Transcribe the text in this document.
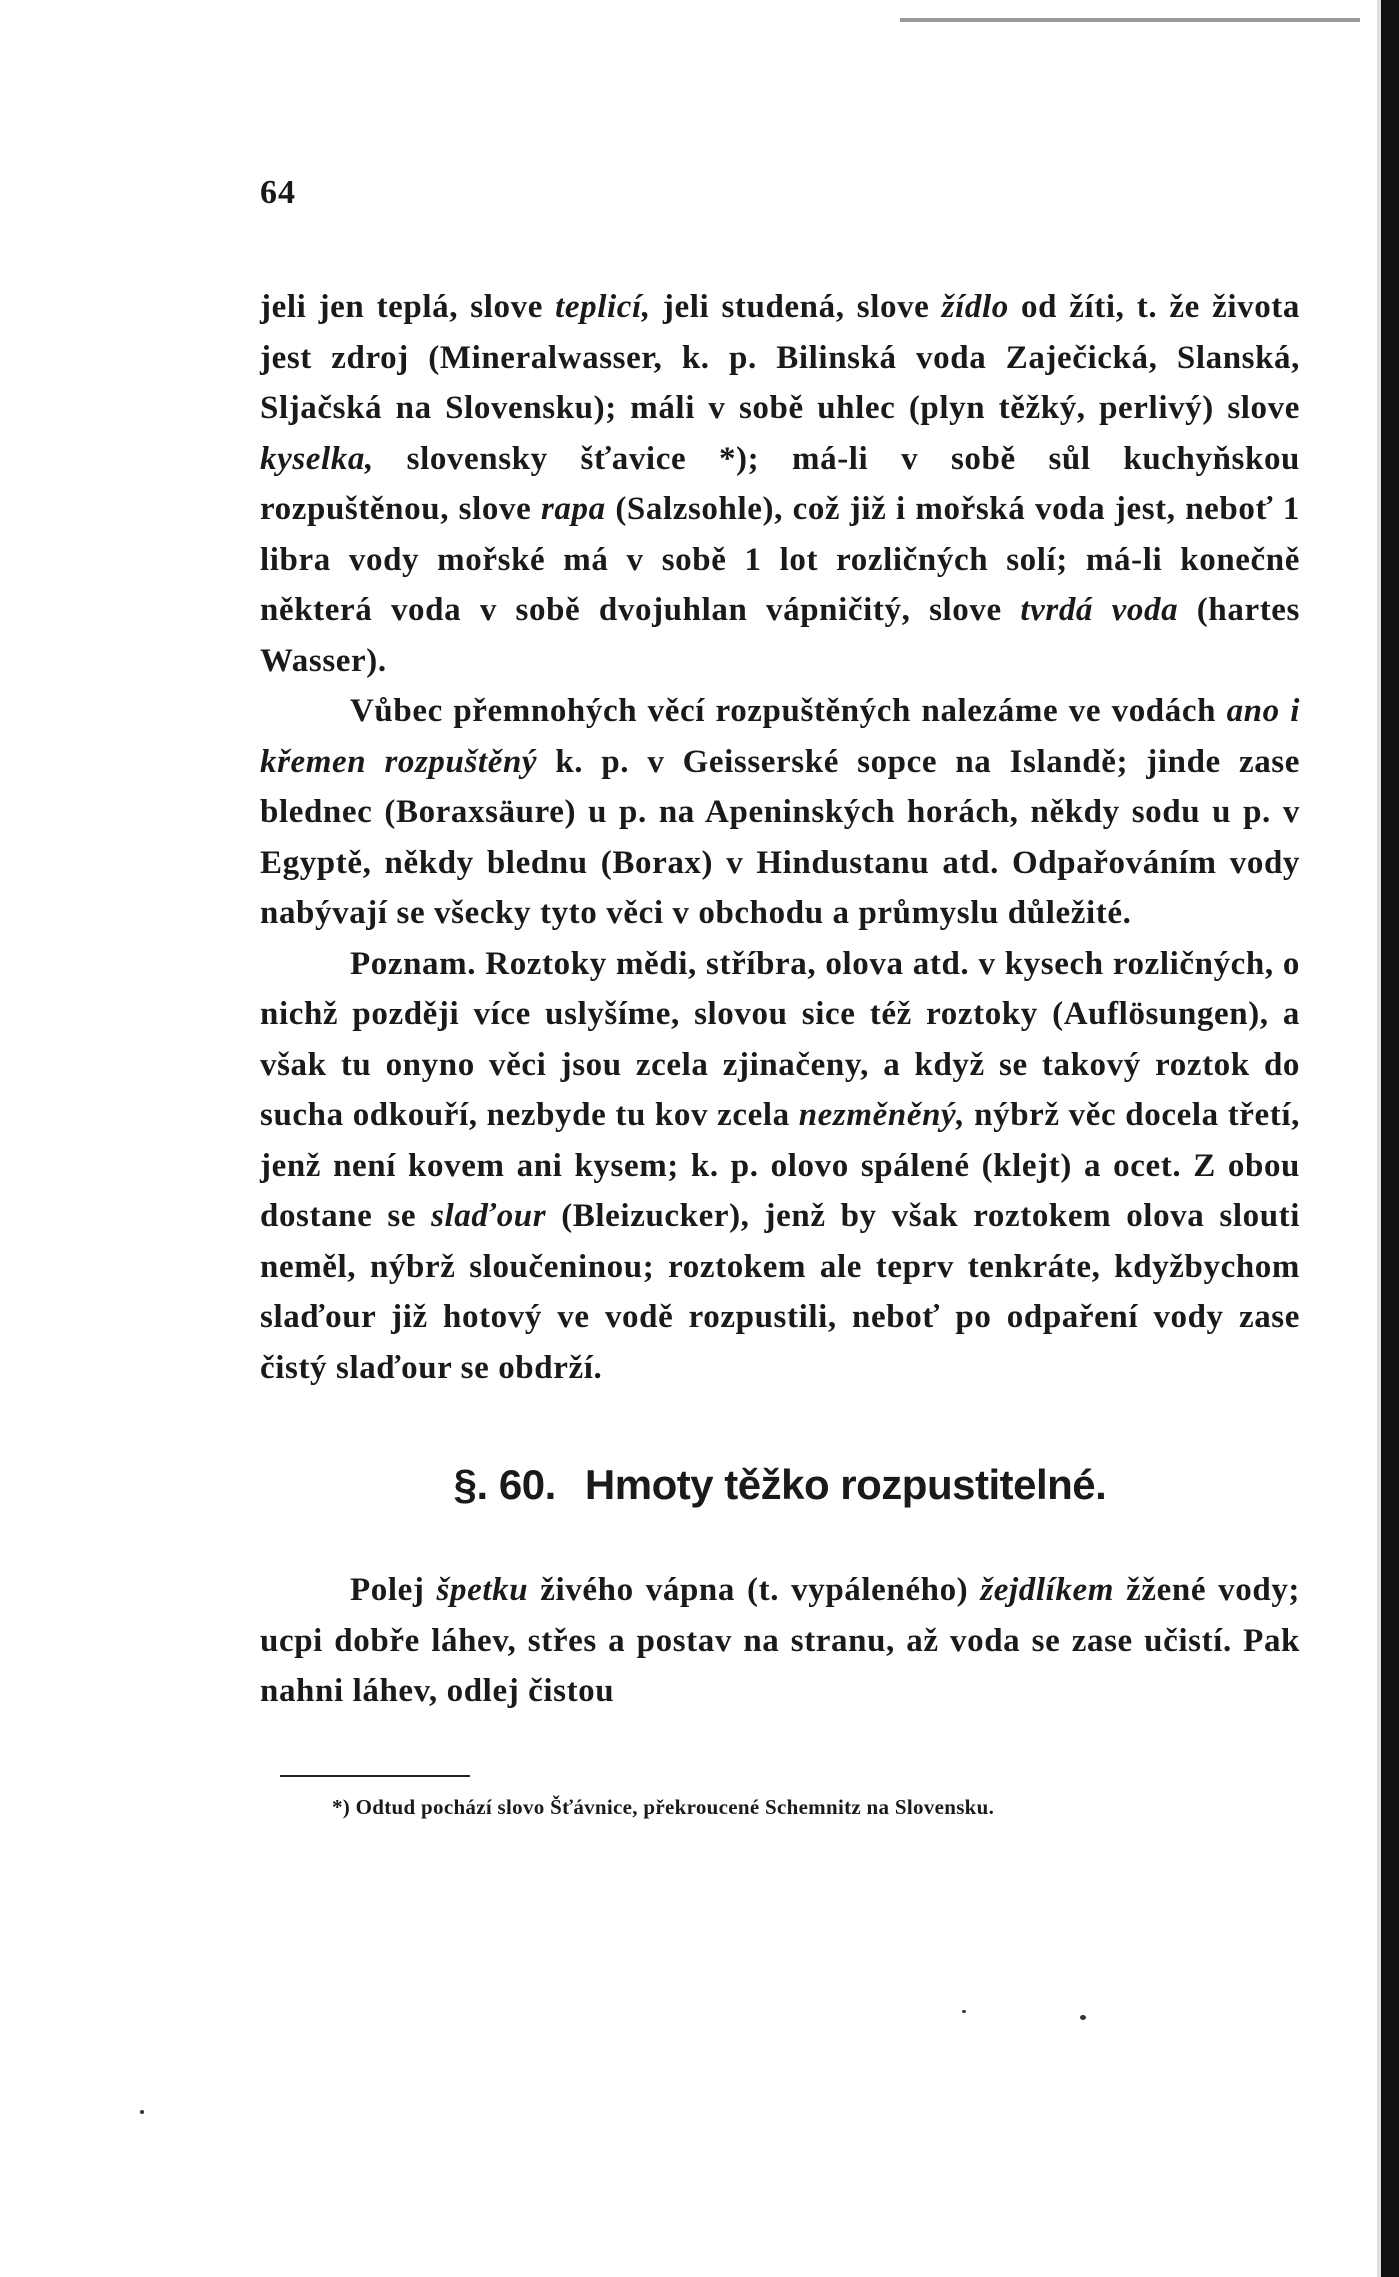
64

jeli jen teplá, slove teplicí, jeli studená, slove žídlo od žíti, t. že života jest zdroj (Mineralwasser, k. p. Bilinská voda Zaječická, Slanská, Sljačská na Slovensku); máli v sobě uhlec (plyn těžký, perlivý) slove kyselka, slovensky šťavice *); má-li v sobě sůl kuchyňskou rozpuštěnou, slove rapa (Salzsohle), což již i mořská voda jest, neboť 1 libra vody mořské má v sobě 1 lot rozličných solí; má-li konečně některá voda v sobě dvojuhlan vápničitý, slove tvrdá voda (hartes Wasser).

Vůbec přemnohých věcí rozpuštěných nalezáme ve vodách ano i křemen rozpuštěný k. p. v Geisserské sopce na Islandě; jinde zase blednec (Boraxsäure) u p. na Apeninských horách, někdy sodu u p. v Egyptě, někdy blednu (Borax) v Hindustanu atd. Odpařováním vody nabývají se všecky tyto věci v obchodu a průmyslu důležité.

Poznam. Roztoky mědi, stříbra, olova atd. v kysech rozličných, o nichž později více uslyšíme, slovou sice též roztoky (Auflösungen), a však tu onyno věci jsou zcela zjinačeny, a když se takový roztok do sucha odkouří, nezbyde tu kov zcela nezměněný, nýbrž věc docela třetí, jenž není kovem ani kysem; k. p. olovo spálené (klejt) a ocet. Z obou dostane se slaďour (Bleizucker), jenž by však roztokem olova slouti neměl, nýbrž sloučeninou; roztokem ale teprv tenkráte, kdyžbychom slaďour již hotový ve vodě rozpustili, neboť po odpaření vody zase čistý slaďour se obdrží.

§. 60. Hmoty těžko rozpustitelné.

Polej špetku živého vápna (t. vypáleného) žejdlíkem žžené vody; ucpi dobře láhev, střes a postav na stranu, až voda se zase učistí. Pak nahni láhev, odlej čistou

*) Odtud pochází slovo Šťávnice, překroucené Schemnitz na Slovensku.
